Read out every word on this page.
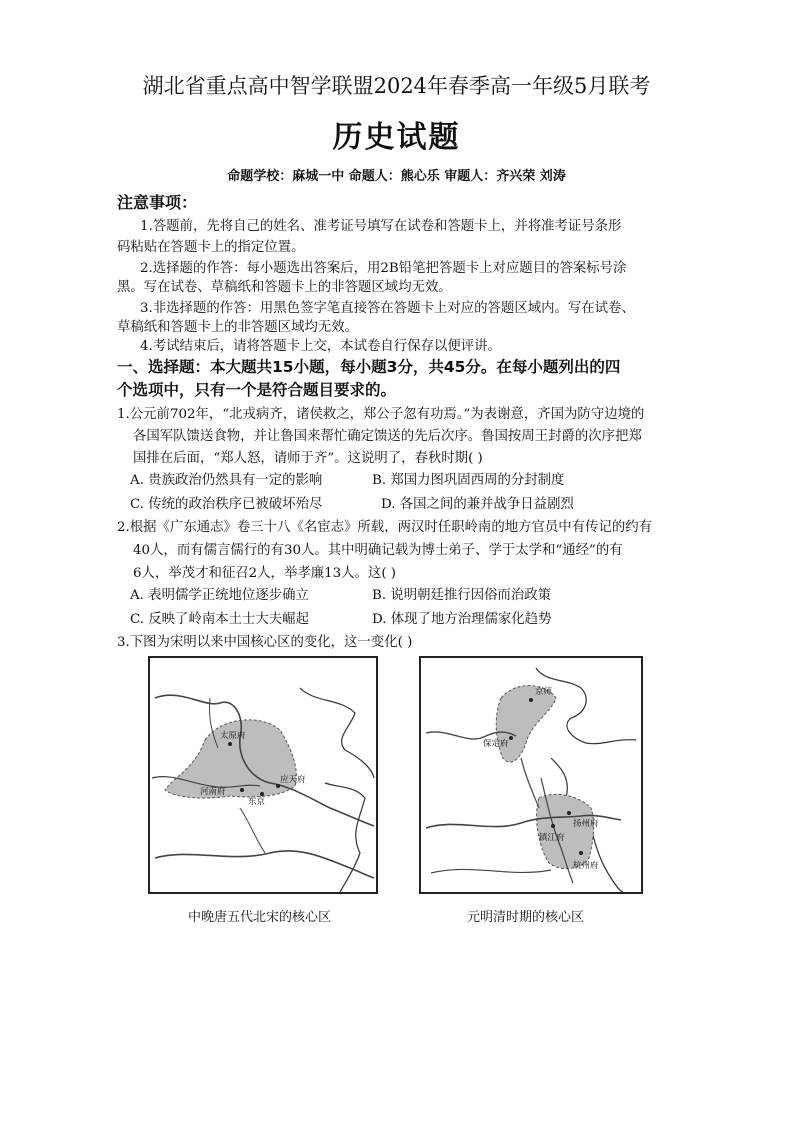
湖北省重点高中智学联盟2024年春季高一年级5月联考
历史试题
命题学校：麻城一中 命题人：熊心乐 审题人：齐兴荣 刘涛
注意事项：
1.答题前，先将自己的姓名、准考证号填写在试卷和答题卡上，并将准考证号条形
码粘贴在答题卡上的指定位置。
2.选择题的作答：每小题选出答案后，用2B铅笔把答题卡上对应题目的答案标号涂
黑。写在试卷、草稿纸和答题卡上的非答题区域均无效。
3.非选择题的作答：用黑色签字笔直接答在答题卡上对应的答题区域内。写在试卷、
草稿纸和答题卡上的非答题区域均无效。
4.考试结束后，请将答题卡上交，本试卷自行保存以便评讲。
一、选择题：本大题共15小题，每小题3分，共45分。在每小题列出的四
个选项中，只有一个是符合题目要求的。
1.公元前702年，“北戎病齐，诸侯救之，郑公子忽有功焉。”为表谢意，齐国为防守边境的
各国军队馈送食物，并让鲁国来帮忙确定馈送的先后次序。鲁国按周王封爵的次序把郑
国排在后面，“郑人怒，请师于齐”。这说明了，春秋时期( )
A. 贵族政治仍然具有一定的影响	B. 郑国力图巩固西周的分封制度
C. 传统的政治秩序已被破坏殆尽	D. 各国之间的兼并战争日益剧烈
2.根据《广东通志》卷三十八《名宦志》所载，两汉时任职岭南的地方官员中有传记的约有
40人，而有儒言儒行的有30人。其中明确记载为博士弟子、学于太学和“通经”的有
6人，举茂才和征召2人，举孝廉13人。这( )
A. 表明儒学正统地位逐步确立	B. 说明朝廷推行因俗而治政策
C. 反映了岭南本土士大夫崛起	D. 体现了地方治理儒家化趋势
3.下图为宋明以来中国核心区的变化，这一变化( )
太原府
河南府
东京
应天府
中晚唐五代北宋的核心区
京师
保定府
扬州府
镇江府
杭州府
元明清时期的核心区
